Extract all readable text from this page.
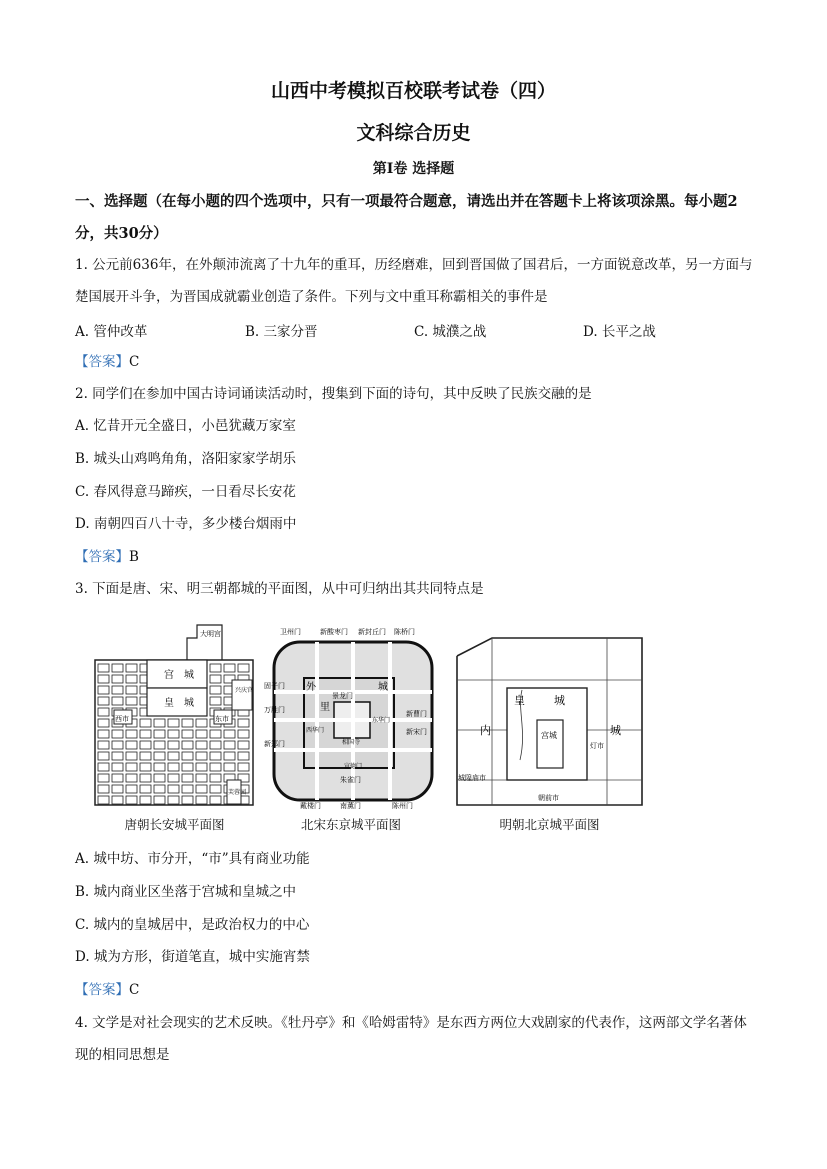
山西中考模拟百校联考试卷（四）
文科综合历史
第Ⅰ卷 选择题
一、选择题（在每小题的四个选项中，只有一项最符合题意，请选出并在答题卡上将该项涂黑。每小题2分，共30分）
1. 公元前636年，在外颠沛流离了十九年的重耳，历经磨难，回到晋国做了国君后，一方面锐意改革，另一方面与楚国展开斗争，为晋国成就霸业创造了条件。下列与文中重耳称霸相关的事件是
A. 管仲改革	B. 三家分晋	C. 城濮之战	D. 长平之战
【答案】C
2. 同学们在参加中国古诗词诵读活动时，搜集到下面的诗句，其中反映了民族交融的是
A. 忆昔开元全盛日，小邑犹藏万家室
B. 城头山鸡鸣角角，洛阳家家学胡乐
C. 春风得意马蹄疾，一日看尽长安花
D. 南朝四百八十寺，多少楼台烟雨中
【答案】B
3. 下面是唐、宋、明三朝都城的平面图，从中可归纳出其共同特点是
大明宫
宫　城
皇　城
西市	东市
兴庆宫
芙蓉园
唐朝长安城平面图
卫州门	新酸枣门 新封丘门 陈桥门
固子门
万胜门
新郑门
新曹门
新宋门
戴楼门	南薰门	陈州门
外
里
城
景龙门
相国寺
朱雀门
东华门
西华门
宣德门
北宋东京城平面图
皇	城
内	城
宫城
灯市
城隍庙市
朝前市
明朝北京城平面图
A. 城中坊、市分开，“市”具有商业功能
B. 城内商业区坐落于宫城和皇城之中
C. 城内的皇城居中，是政治权力的中心
D. 城为方形，街道笔直，城中实施宵禁
【答案】C
4. 文学是对社会现实的艺术反映。《牡丹亭》和《哈姆雷特》是东西方两位大戏剧家的代表作，这两部文学名著体现的相同思想是
